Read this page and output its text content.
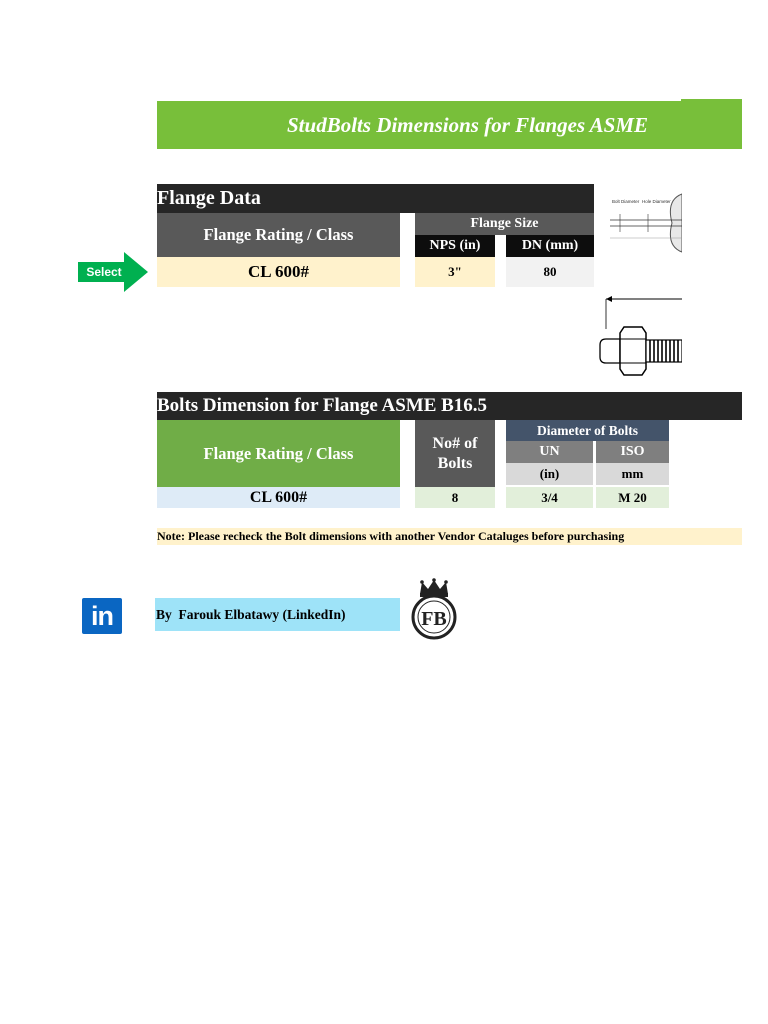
StudBolts Dimensions for Flanges ASME
Flange Data
Flange Rating / Class
Flange Size
NPS (in)	DN (mm)
Select	CL 600#	3"	80
Bolt Diameter Hole Diameter
Bolts Dimension for Flange ASME B16.5
Flange Rating / Class
No# of Bolts
Diameter of Bolts
UN	ISO
(in)	mm
CL 600#	8	3/4	M 20
Note: Please recheck the Bolt dimensions with another Vendor Cataluges before purchasing
in	By  Farouk Elbatawy (LinkedIn)	FB
